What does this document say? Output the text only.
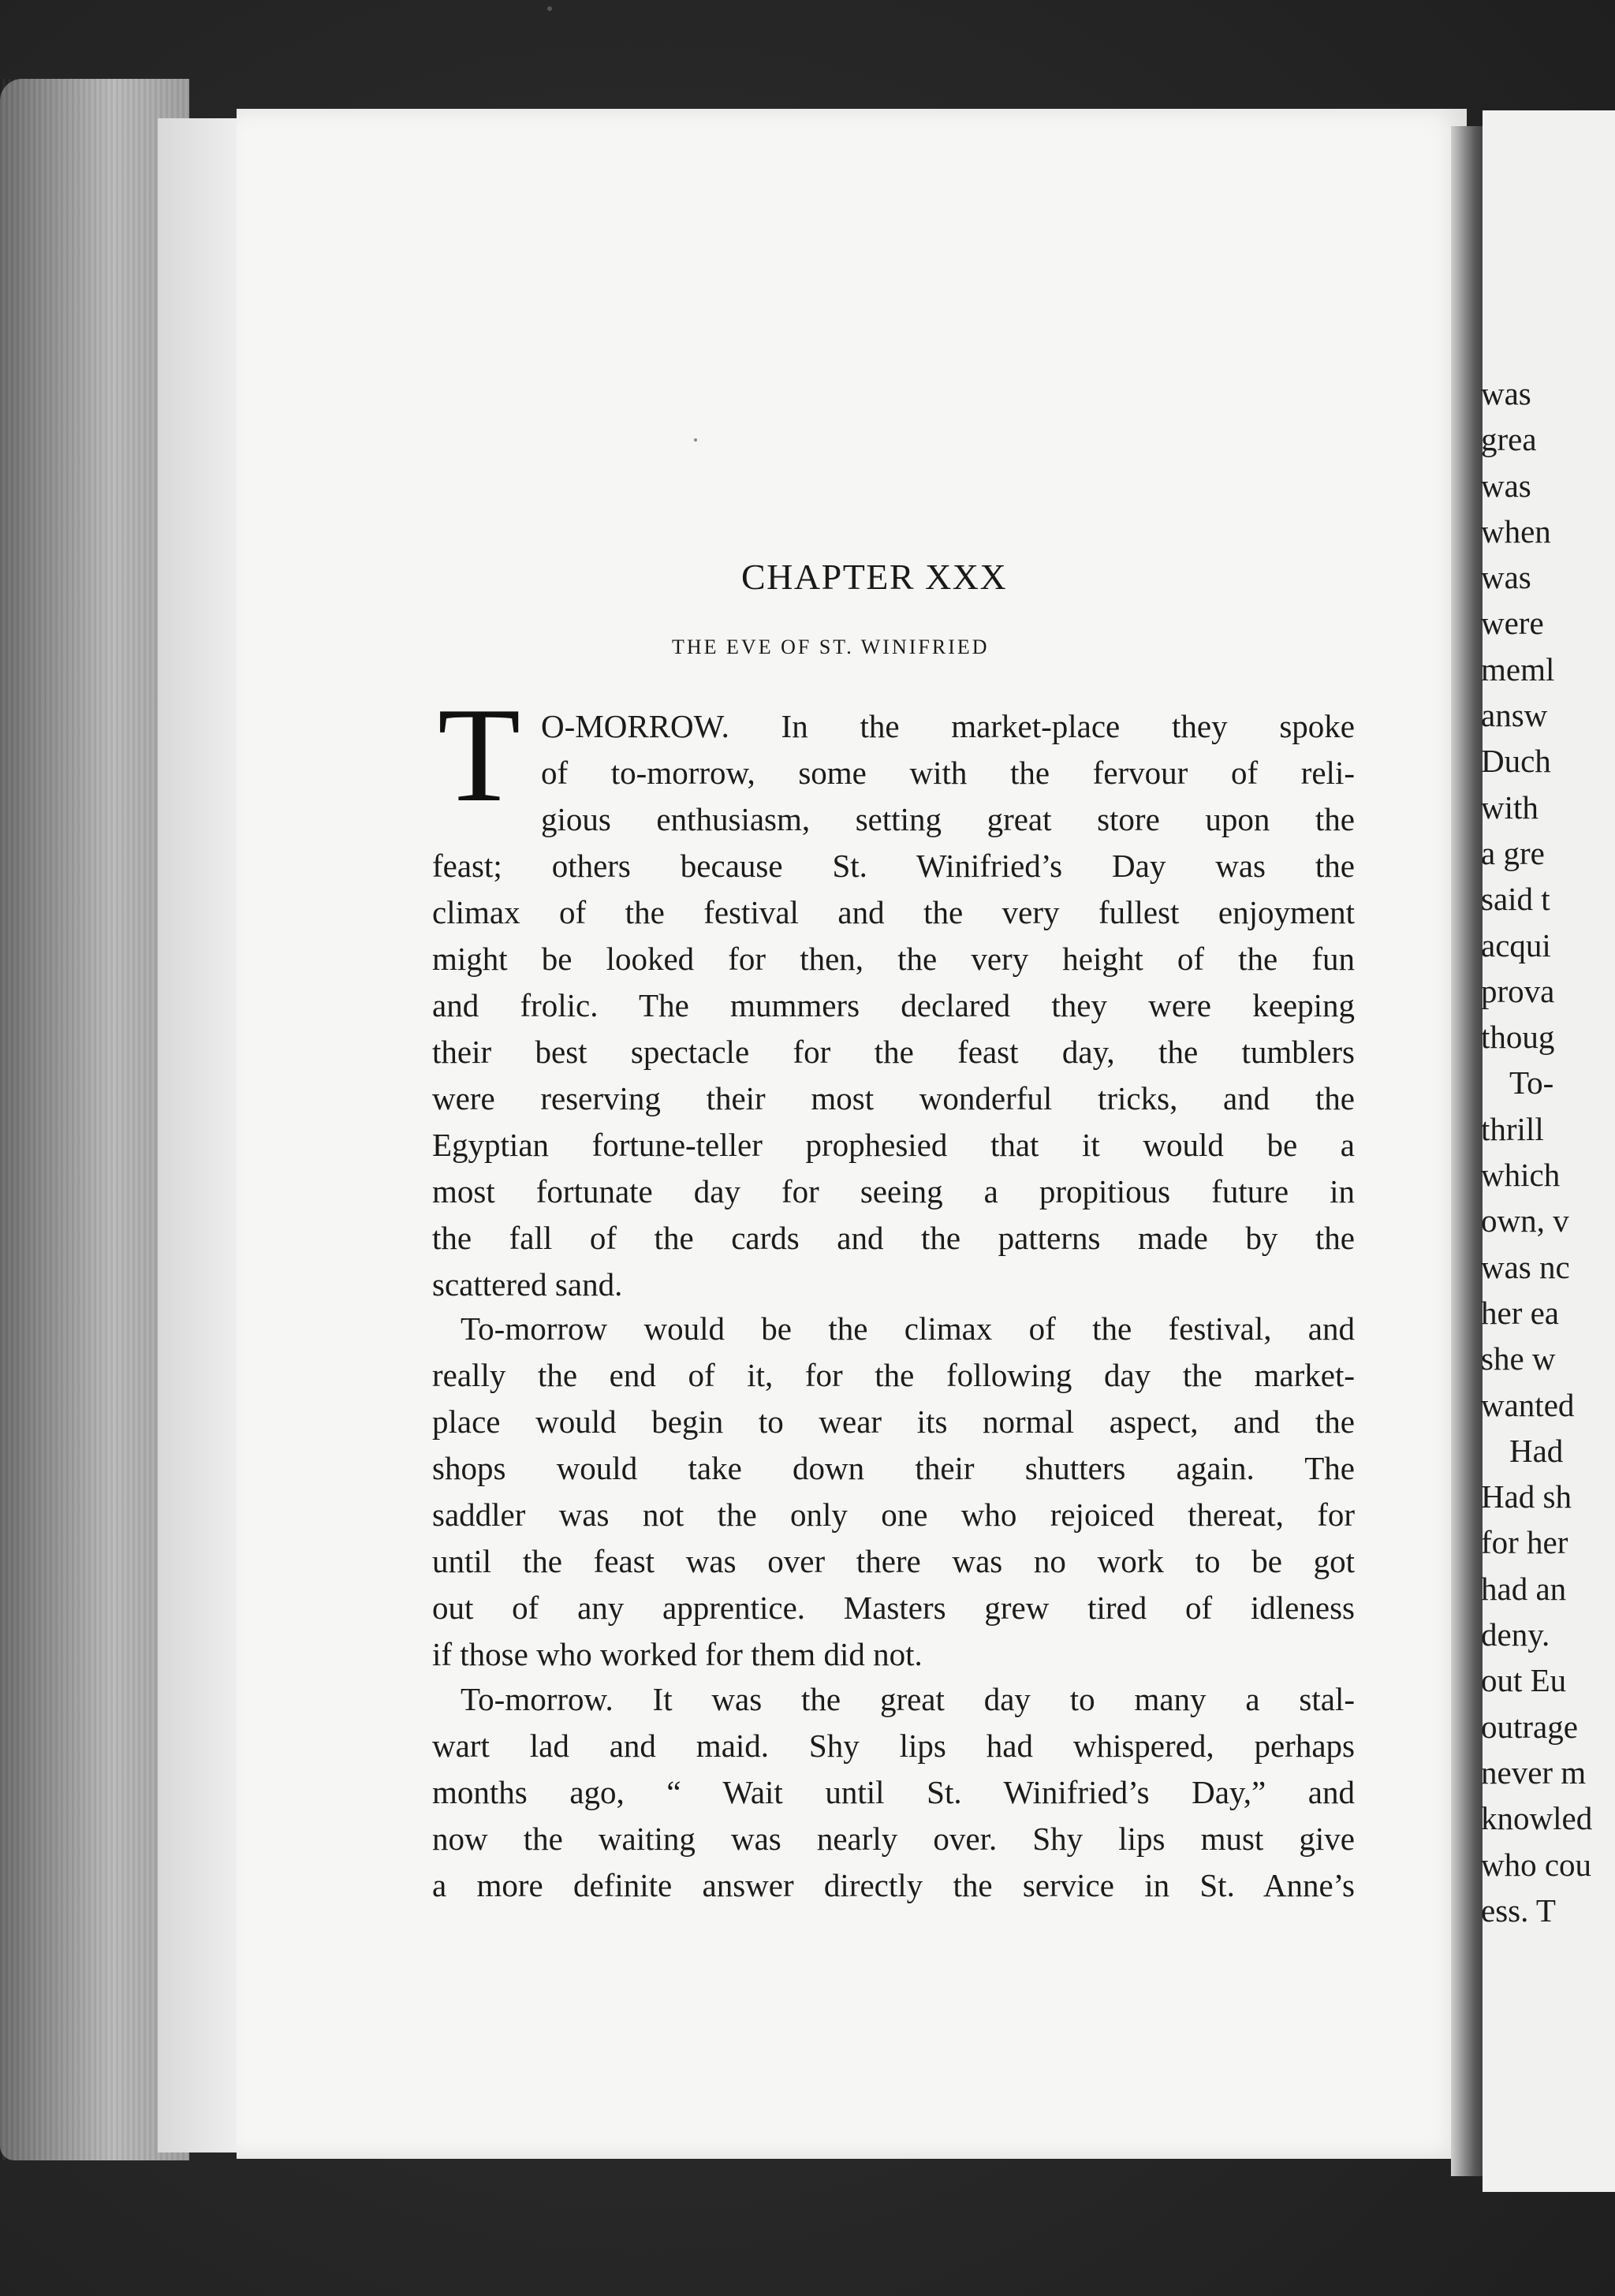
was
grea
was
when
was
were
meml
answ
Duch
with
a gre
said t
acqui
prova
thoug
To-
thrill
which
own, v
was nc
her ea
she w
wanted
Had
Had sh
for her
had an
deny.
out Eu
outrage
never m
knowled
who cou
ess. T
CHAPTER XXX
THE EVE OF ST. WINIFRIED
T O-MORROW. In the market-place they spoke
of to-morrow, some with the fervour of reli-
gious enthusiasm, setting great store upon the
feast; others because St. Winifried’s Day was the
climax of the festival and the very fullest enjoyment
might be looked for then, the very height of the fun
and frolic. The mummers declared they were keeping
their best spectacle for the feast day, the tumblers
were reserving their most wonderful tricks, and the
Egyptian fortune-teller prophesied that it would be a
most fortunate day for seeing a propitious future in
the fall of the cards and the patterns made by the
scattered sand.
To-morrow would be the climax of the festival, and
really the end of it, for the following day the market-
place would begin to wear its normal aspect, and the
shops would take down their shutters again. The
saddler was not the only one who rejoiced thereat, for
until the feast was over there was no work to be got
out of any apprentice. Masters grew tired of idleness
if those who worked for them did not.
To-morrow. It was the great day to many a stal-
wart lad and maid. Shy lips had whispered, perhaps
months ago, “ Wait until St. Winifried’s Day,” and
now the waiting was nearly over. Shy lips must give
a more definite answer directly the service in St. Anne’s
